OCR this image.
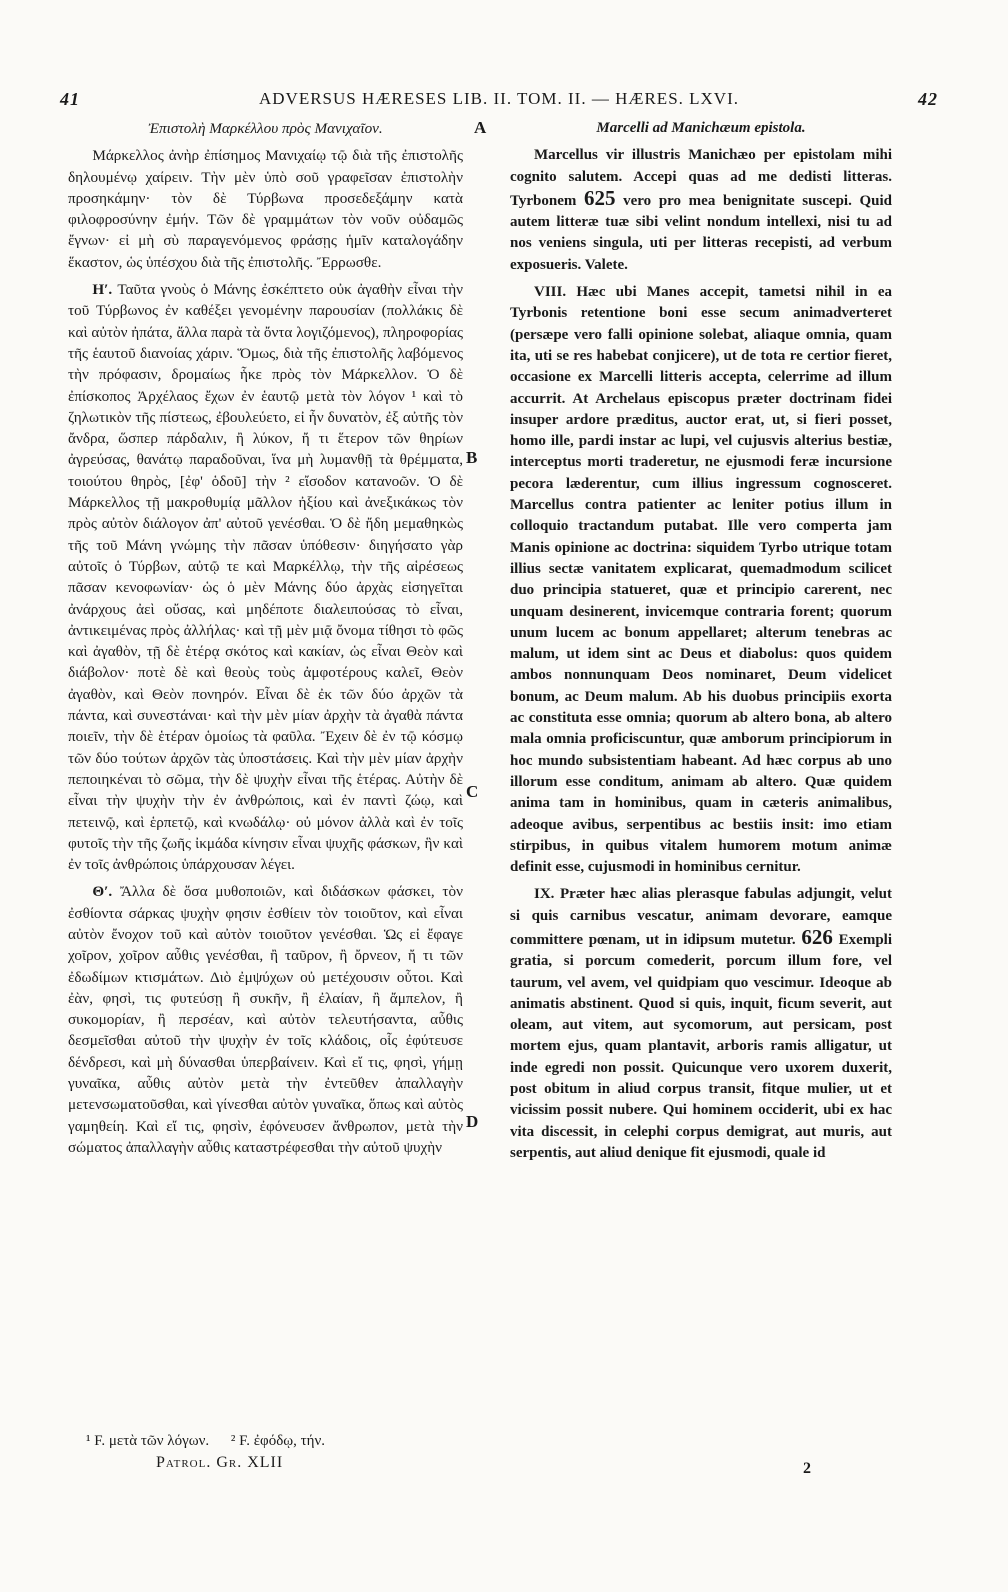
41	ADVERSUS HÆRESES LIB. II. TOM. II. — HÆRES. LXVI.	42
A
B
C
D
Ἐπιστολὴ Μαρκέλλου πρὸς Μανιχαῖον.

Μάρκελλος ἀνὴρ ἐπίσημος Μανιχαίῳ τῷ διὰ τῆς ἐπιστολῆς δηλουμένῳ χαίρειν. Τὴν μὲν ὑπὸ σοῦ γραφεῖσαν ἐπιστολὴν προσηκάμην· τὸν δὲ Τύρβωνα προσεδεξάμην κατὰ φιλοφροσύνην ἐμήν. Τῶν δὲ γραμμάτων τὸν νοῦν οὐδαμῶς ἔγνων· εἰ μὴ σὺ παραγενόμενος φράσῃς ἡμῖν καταλογάδην ἕκαστον, ὡς ὑπέσχου διὰ τῆς ἐπιστολῆς. Ἔρρωσθε.

Η′. Ταῦτα γνοὺς ὁ Μάνης ἐσκέπτετο οὐκ ἀγαθὴν εἶναι τὴν τοῦ Τύρβωνος ἐν καθέξει γενομένην παρουσίαν (πολλάκις δὲ καὶ αὐτὸν ἠπάτα, ἄλλα παρὰ τὰ ὄντα λογιζόμενος), πληροφορίας τῆς ἑαυτοῦ διανοίας χάριν. Ὅμως, διὰ τῆς ἐπιστολῆς λαβόμενος τὴν πρόφασιν, δρομαίως ἧκε πρὸς τὸν Μάρκελλον. Ὁ δὲ ἐπίσκοπος Ἀρχέλαος ἔχων ἐν ἑαυτῷ μετὰ τὸν λόγον ¹ καὶ τὸ ζηλωτικὸν τῆς πίστεως, ἐβουλεύετο, εἰ ἦν δυνατὸν, ἐξ αὐτῆς τὸν ἄνδρα, ὥσπερ πάρδαλιν, ἢ λύκον, ἤ τι ἕτερον τῶν θηρίων ἀγρεύσας, θανάτῳ παραδοῦναι, ἵνα μὴ λυμανθῇ τὰ θρέμματα, τοιούτου θηρὸς, [ἐφ' ὁδοῦ] τὴν ² εἴσοδον κατανοῶν. Ὁ δὲ Μάρκελλος τῇ μακροθυμίᾳ μᾶλλον ἠξίου καὶ ἀνεξικάκως τὸν πρὸς αὐτὸν διάλογον ἀπ' αὐτοῦ γενέσθαι. Ὁ δὲ ἤδη μεμαθηκὼς τῆς τοῦ Μάνη γνώμης τὴν πᾶσαν ὑπόθεσιν· διηγήσατο γὰρ αὐτοῖς ὁ Τύρβων, αὐτῷ τε καὶ Μαρκέλλῳ, τὴν τῆς αἱρέσεως πᾶσαν κενοφωνίαν· ὡς ὁ μὲν Μάνης δύο ἀρχὰς εἰσηγεῖται ἀνάρχους ἀεὶ οὔσας, καὶ μηδέποτε διαλειπούσας τὸ εἶναι, ἀντικειμένας πρὸς ἀλλήλας· καὶ τῇ μὲν μιᾷ ὄνομα τίθησι τὸ φῶς καὶ ἀγαθὸν, τῇ δὲ ἑτέρᾳ σκότος καὶ κακίαν, ὡς εἶναι Θεὸν καὶ διάβολον· ποτὲ δὲ καὶ θεοὺς τοὺς ἀμφοτέρους καλεῖ, Θεὸν ἀγαθὸν, καὶ Θεὸν πονηρόν. Εἶναι δὲ ἐκ τῶν δύο ἀρχῶν τὰ πάντα, καὶ συνεστάναι· καὶ τὴν μὲν μίαν ἀρχὴν τὰ ἀγαθὰ πάντα ποιεῖν, τὴν δὲ ἑτέραν ὁμοίως τὰ φαῦλα. Ἔχειν δὲ ἐν τῷ κόσμῳ τῶν δύο τούτων ἀρχῶν τὰς ὑποστάσεις. Καὶ τὴν μὲν μίαν ἀρχὴν πεποιηκέναι τὸ σῶμα, τὴν δὲ ψυχὴν εἶναι τῆς ἑτέρας. Αὐτὴν δὲ εἶναι τὴν ψυχὴν τὴν ἐν ἀνθρώποις, καὶ ἐν παντὶ ζώῳ, καὶ πετεινῷ, καὶ ἑρπετῷ, καὶ κνωδάλῳ· οὐ μόνον ἀλλὰ καὶ ἐν τοῖς φυτοῖς τὴν τῆς ζωῆς ἰκμάδα κίνησιν εἶναι ψυχῆς φάσκων, ἣν καὶ ἐν τοῖς ἀνθρώποις ὑπάρχουσαν λέγει.

Θ′. Ἄλλα δὲ ὅσα μυθοποιῶν, καὶ διδάσκων φάσκει, τὸν ἐσθίοντα σάρκας ψυχὴν φησιν ἐσθίειν τὸν τοιοῦτον, καὶ εἶναι αὐτὸν ἔνοχον τοῦ καὶ αὐτὸν τοιοῦτον γενέσθαι. Ὡς εἰ ἔφαγε χοῖρον, χοῖρον αὖθις γενέσθαι, ἢ ταῦρον, ἢ ὄρνεον, ἤ τι τῶν ἐδωδίμων κτισμάτων. Διὸ ἐμψύχων οὐ μετέχουσιν οὗτοι. Καὶ ἐὰν, φησὶ, τις φυτεύσῃ ἢ συκῆν, ἢ ἐλαίαν, ἢ ἄμπελον, ἢ συκομορίαν, ἢ περσέαν, καὶ αὐτὸν τελευτήσαντα, αὖθις δεσμεῖσθαι αὐτοῦ τὴν ψυχὴν ἐν τοῖς κλάδοις, οἷς ἐφύτευσε δένδρεσι, καὶ μὴ δύνασθαι ὑπερβαίνειν. Καὶ εἴ τις, φησὶ, γήμῃ γυναῖκα, αὖθις αὐτὸν μετὰ τὴν ἐντεῦθεν ἀπαλλαγὴν μετενσωματοῦσθαι, καὶ γίνεσθαι αὐτὸν γυναῖκα, ὅπως καὶ αὐτὸς γαμηθείη. Καὶ εἴ τις, φησὶν, ἐφόνευσεν ἄνθρωπον, μετὰ τὴν σώματος ἀπαλλαγὴν αὖθις καταστρέφεσθαι τὴν αὐτοῦ ψυχὴν

Marcelli ad Manichæum epistola.

Marcellus vir illustris Manichæo per epistolam mihi cognito salutem. Accepi quas ad me dedisti litteras. Tyrbonem 625 vero pro mea benignitate suscepi. Quid autem litteræ tuæ sibi velint nondum intellexi, nisi tu ad nos veniens singula, uti per litteras recepisti, ad verbum exposueris. Valete.

VIII. Hæc ubi Manes accepit, tametsi nihil in ea Tyrbonis retentione boni esse secum animadverteret (persæpe vero falli opinione solebat, aliaque omnia, quam ita, uti se res habebat conjicere), ut de tota re certior fieret, occasione ex Marcelli litteris accepta, celerrime ad illum accurrit. At Archelaus episcopus præter doctrinam fidei insuper ardore præditus, auctor erat, ut, si fieri posset, homo ille, pardi instar ac lupi, vel cujusvis alterius bestiæ, interceptus morti traderetur, ne ejusmodi feræ incursione pecora læderentur, cum illius ingressum cognosceret. Marcellus contra patienter ac leniter potius illum in colloquio tractandum putabat. Ille vero comperta jam Manis opinione ac doctrina: siquidem Tyrbo utrique totam illius sectæ vanitatem explicarat, quemadmodum scilicet duo principia statueret, quæ et principio carerent, nec unquam desinerent, invicemque contraria forent; quorum unum lucem ac bonum appellaret; alterum tenebras ac malum, ut idem sint ac Deus et diabolus: quos quidem ambos nonnunquam Deos nominaret, Deum videlicet bonum, ac Deum malum. Ab his duobus principiis exorta ac constituta esse omnia; quorum ab altero bona, ab altero mala omnia proficiscuntur, quæ amborum principiorum in hoc mundo subsistentiam habeant. Ad hæc corpus ab uno illorum esse conditum, animam ab altero. Quæ quidem anima tam in hominibus, quam in cæteris animalibus, adeoque avibus, serpentibus ac bestiis insit: imo etiam stirpibus, in quibus vitalem humorem motum animæ definit esse, cujusmodi in hominibus cernitur.

IX. Præter hæc alias plerasque fabulas adjungit, velut si quis carnibus vescatur, animam devorare, eamque committere pœnam, ut in idipsum mutetur. 626 Exempli gratia, si porcum comederit, porcum illum fore, vel taurum, vel avem, vel quidpiam quo vescimur. Ideoque ab animatis abstinent. Quod si quis, inquit, ficum severit, aut oleam, aut vitem, aut sycomorum, aut persicam, post mortem ejus, quam plantavit, arboris ramis alligatur, ut inde egredi non possit. Quicunque vero uxorem duxerit, post obitum in aliud corpus transit, fitque mulier, ut et vicissim possit nubere. Qui hominem occiderit, ubi ex hac vita discessit, in celephi corpus demigrat, aut muris, aut serpentis, aut aliud denique fit ejusmodi, quale id

¹ F. μετὰ τῶν λόγων. ² F. ἐφόδῳ, τήν.
Patrol. Gr. XLII	2
